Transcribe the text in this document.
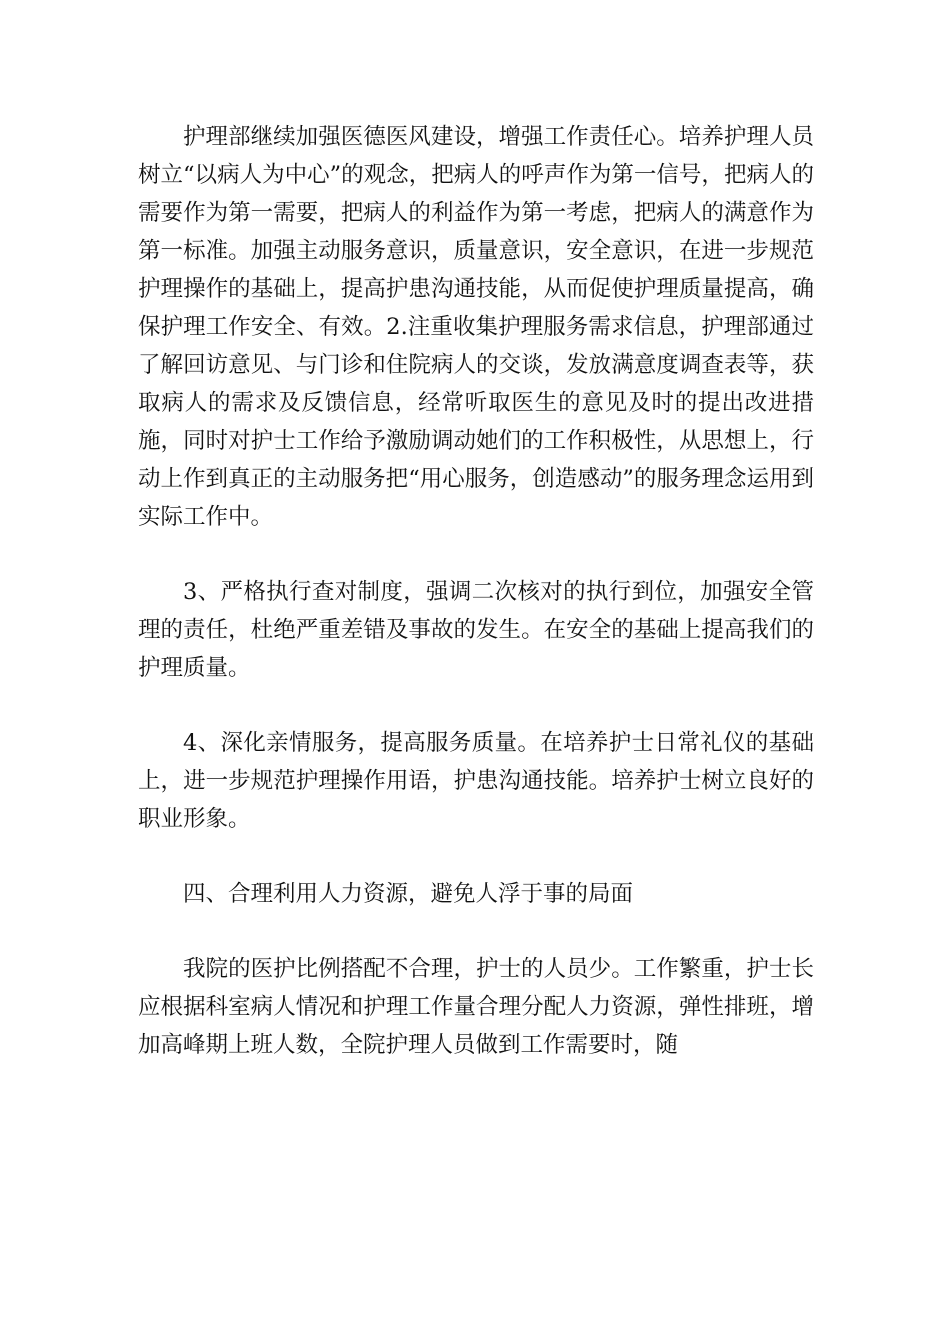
护理部继续加强医德医风建设，增强工作责任心。培养护理人员树立“以病人为中心”的观念，把病人的呼声作为第一信号，把病人的需要作为第一需要，把病人的利益作为第一考虑，把病人的满意作为第一标准。加强主动服务意识，质量意识，安全意识，在进一步规范护理操作的基础上，提高护患沟通技能，从而促使护理质量提高，确保护理工作安全、有效。2.注重收集护理服务需求信息，护理部通过了解回访意见、与门诊和住院病人的交谈，发放满意度调查表等，获取病人的需求及反馈信息，经常听取医生的意见及时的提出改进措施，同时对护士工作给予激励调动她们的工作积极性，从思想上，行动上作到真正的主动服务把“用心服务，创造感动”的服务理念运用到实际工作中。

3、严格执行查对制度，强调二次核对的执行到位，加强安全管理的责任，杜绝严重差错及事故的发生。在安全的基础上提高我们的护理质量。

4、深化亲情服务，提高服务质量。在培养护士日常礼仪的基础上，进一步规范护理操作用语，护患沟通技能。培养护士树立良好的职业形象。

四、合理利用人力资源，避免人浮于事的局面

我院的医护比例搭配不合理，护士的人员少。工作繁重，护士长应根据科室病人情况和护理工作量合理分配人力资源，弹性排班，增加高峰期上班人数，全院护理人员做到工作需要时，随
